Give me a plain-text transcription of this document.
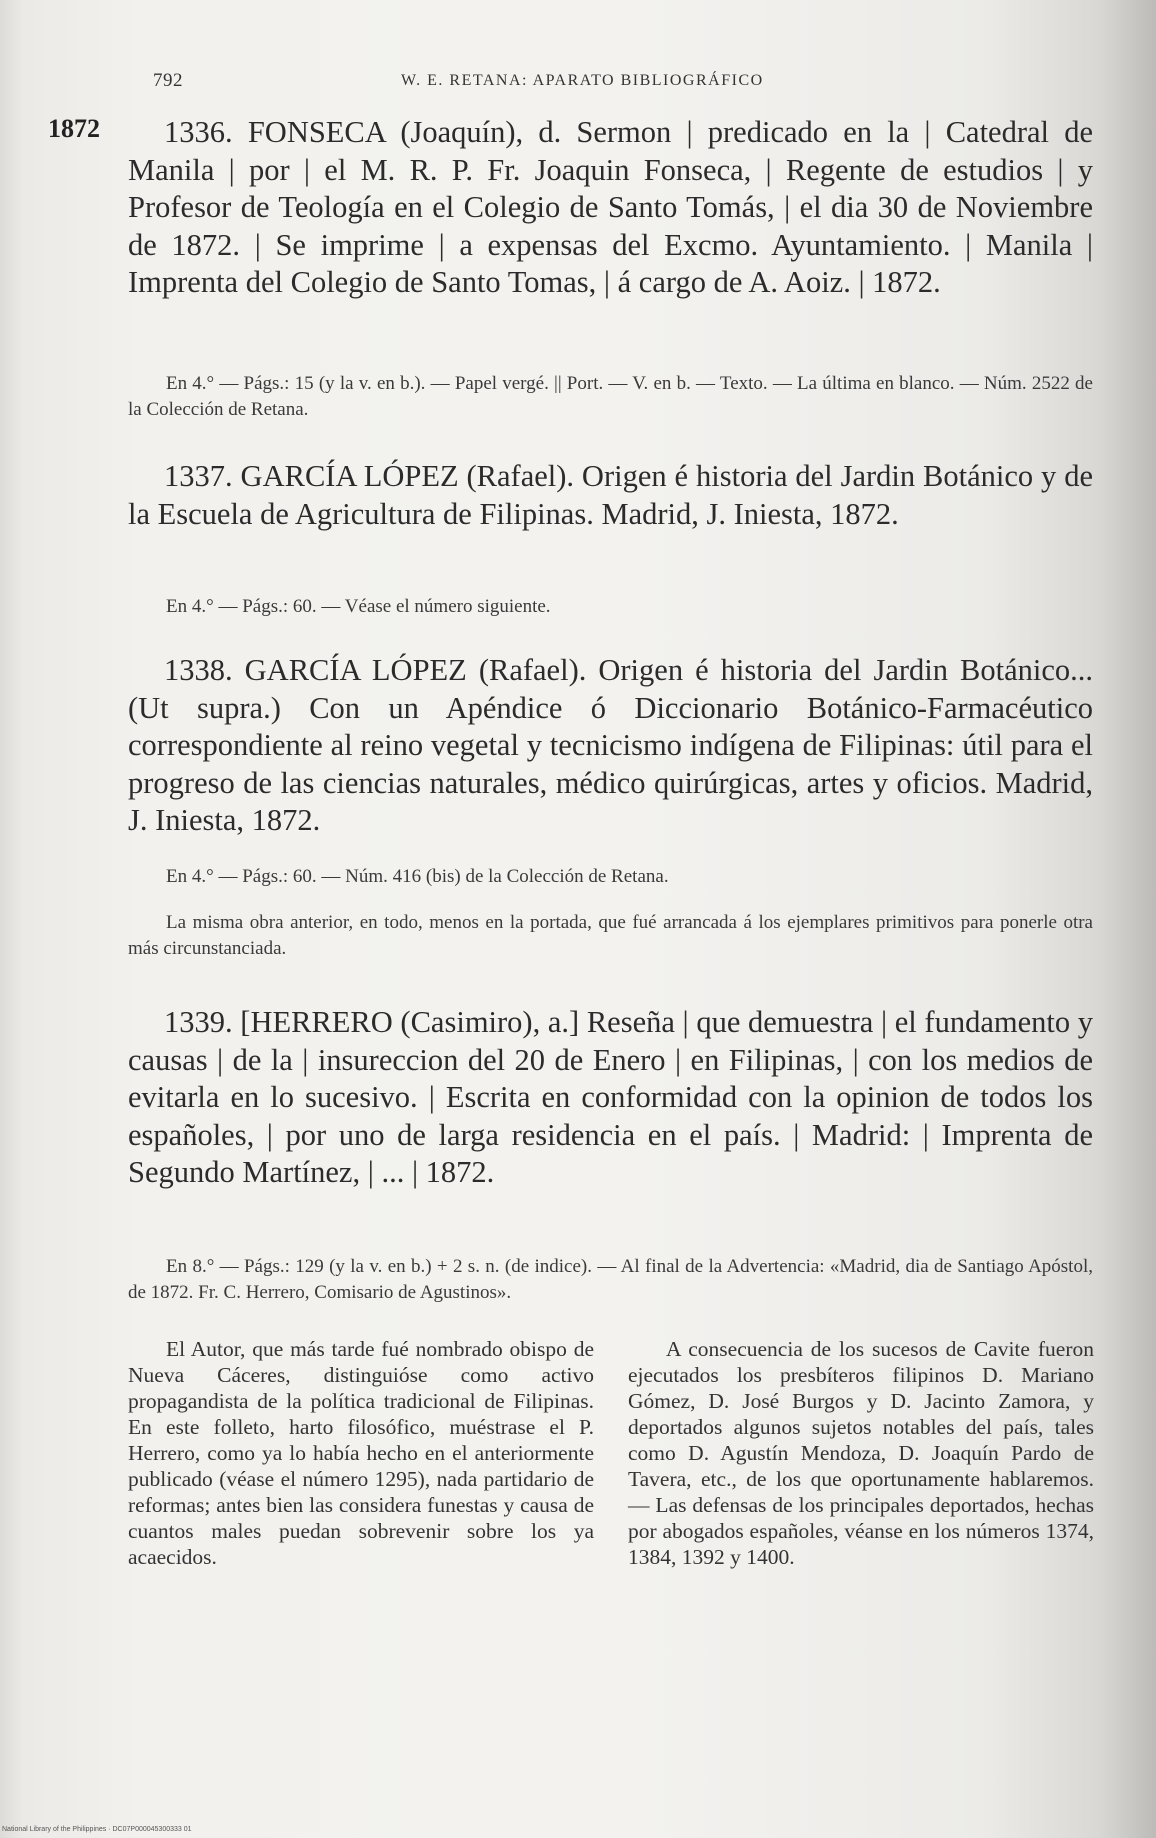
792	W. E. RETANA: APARATO BIBLIOGRÁFICO
1872	1336. FONSECA (Joaquín), d. Sermon | predicado en la | Catedral de Manila | por | el M. R. P. Fr. Joaquin Fonseca, | Regente de estudios | y Profesor de Teología en el Colegio de Santo Tomás, | el dia 30 de Noviembre de 1872. | Se imprime | a expensas del Excmo. Ayuntamiento. | Manila | Imprenta del Colegio de Santo Tomas, | á cargo de A. Aoiz. | 1872.

En 4.° — Págs.: 15 (y la v. en b.). — Papel vergé. || Port. — V. en b. — Texto. — La última en blanco. — Núm. 2522 de la Colección de Retana.

1337. GARCÍA LÓPEZ (Rafael). Origen é historia del Jardin Botánico y de la Escuela de Agricultura de Filipinas. Madrid, J. Iniesta, 1872.

En 4.° — Págs.: 60. — Véase el número siguiente.

1338. GARCÍA LÓPEZ (Rafael). Origen é historia del Jardin Botánico... (Ut supra.) Con un Apéndice ó Diccionario Botánico-Farmacéutico correspondiente al reino vegetal y tecnicismo indígena de Filipinas: útil para el progreso de las ciencias naturales, médico quirúrgicas, artes y oficios. Madrid, J. Iniesta, 1872.

En 4.° — Págs.: 60. — Núm. 416 (bis) de la Colección de Retana.

La misma obra anterior, en todo, menos en la portada, que fué arrancada á los ejemplares primitivos para ponerle otra más circunstanciada.

1339. [HERRERO (Casimiro), a.] Reseña | que demuestra | el fundamento y causas | de la | insureccion del 20 de Enero | en Filipinas, | con los medios de evitarla en lo sucesivo. | Escrita en conformidad con la opinion de todos los españoles, | por uno de larga residencia en el país. | Madrid: | Imprenta de Segundo Martínez, | ... | 1872.

En 8.° — Págs.: 129 (y la v. en b.) + 2 s. n. (de indice). — Al final de la Advertencia: «Madrid, dia de Santiago Apóstol, de 1872. Fr. C. Herrero, Comisario de Agustinos».

El Autor, que más tarde fué nombrado obispo de Nueva Cáceres, distinguióse como activo propagandista de la política tradicional de Filipinas. En este folleto, harto filosófico, muéstrase el P. Herrero, como ya lo había hecho en el anteriormente publicado (véase el número 1295), nada partidario de reformas; antes bien las considera funestas y causa de cuantos males puedan sobrevenir sobre los ya acaecidos.

A consecuencia de los sucesos de Cavite fueron ejecutados los presbíteros filipinos D. Mariano Gómez, D. José Burgos y D. Jacinto Zamora, y deportados algunos sujetos notables del país, tales como D. Agustín Mendoza, D. Joaquín Pardo de Tavera, etc., de los que oportunamente hablaremos. — Las defensas de los principales deportados, hechas por abogados españoles, véanse en los números 1374, 1384, 1392 y 1400.

National Library of the Philippines · DC07P000045300333 01
